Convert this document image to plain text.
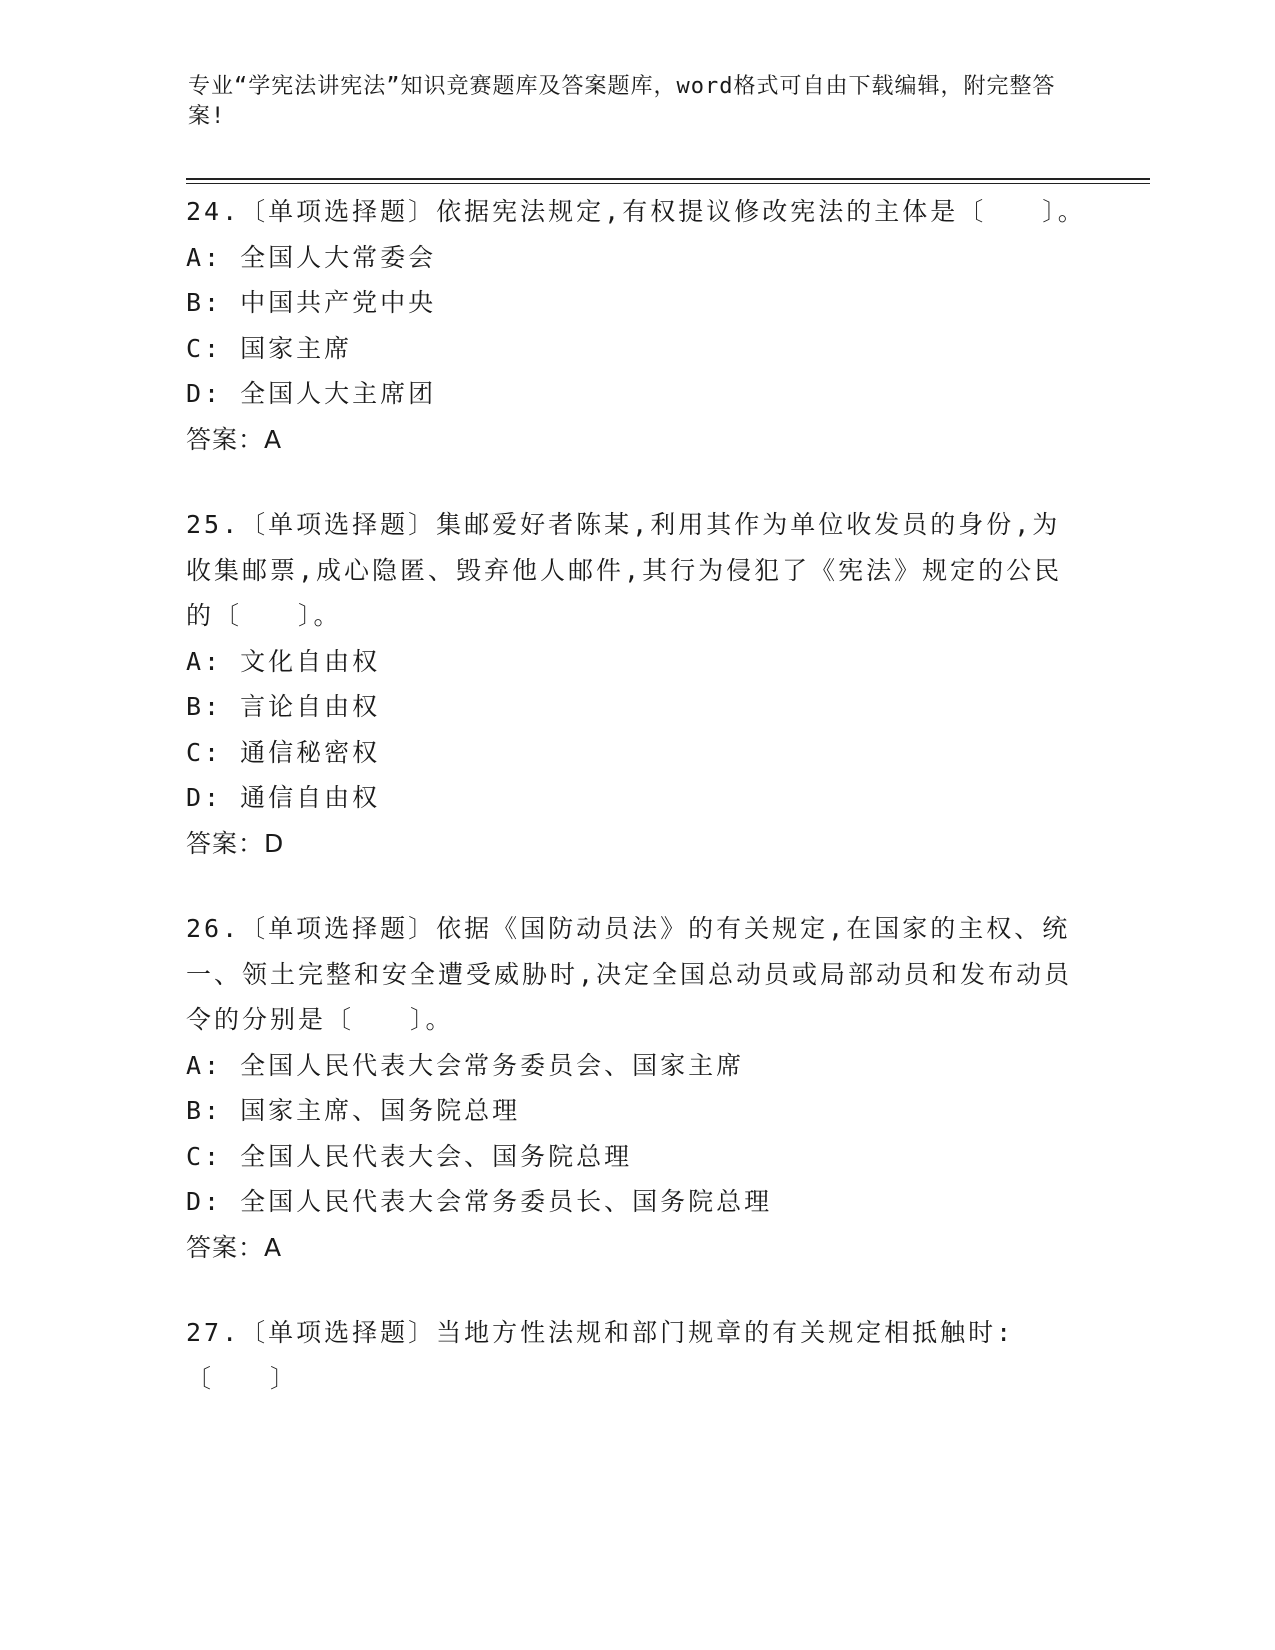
专业“学宪法讲宪法”知识竞赛题库及答案题库，word格式可自由下载编辑，附完整答案!

24.〔单项选择题〕依据宪法规定,有权提议修改宪法的主体是〔　　〕。

A: 全国人大常委会

B: 中国共产党中央

C: 国家主席

D: 全国人大主席团

答案：A

25.〔单项选择题〕集邮爱好者陈某,利用其作为单位收发员的身份,为收集邮票,成心隐匿、毁弃他人邮件,其行为侵犯了《宪法》规定的公民的〔　　〕。

A: 文化自由权

B: 言论自由权

C: 通信秘密权

D: 通信自由权

答案：D

26.〔单项选择题〕依据《国防动员法》的有关规定,在国家的主权、统一、领土完整和安全遭受威胁时,决定全国总动员或局部动员和发布动员令的分别是〔　　〕。

A: 全国人民代表大会常务委员会、国家主席

B: 国家主席、国务院总理

C: 全国人民代表大会、国务院总理

D: 全国人民代表大会常务委员长、国务院总理

答案：A

27.〔单项选择题〕当地方性法规和部门规章的有关规定相抵触时:〔　　〕
